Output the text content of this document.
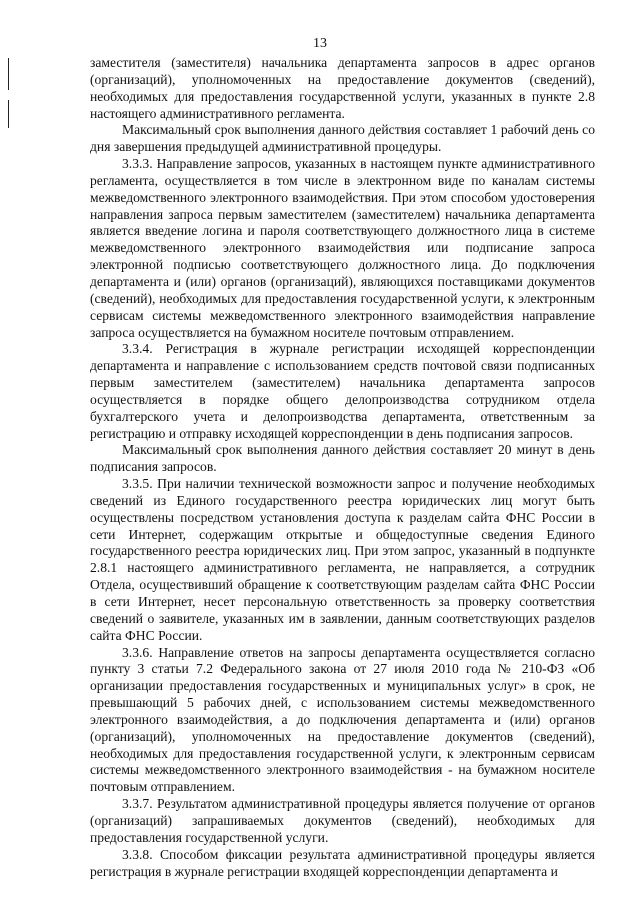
13

заместителя (заместителя) начальника департамента запросов в адрес органов (организаций), уполномоченных на предоставление документов (сведений), необходимых для предоставления государственной услуги, указанных в пункте 2.8 настоящего административного регламента.

Максимальный срок выполнения данного действия составляет 1 рабочий день со дня завершения предыдущей административной процедуры.

3.3.3. Направление запросов, указанных в настоящем пункте административного регламента, осуществляется в том числе в электронном виде по каналам системы межведомственного электронного взаимодействия. При этом способом удостоверения направления запроса первым заместителем (заместителем) начальника департамента является введение логина и пароля соответствующего должностного лица в системе межведомственного электронного взаимодействия или подписание запроса электронной подписью соответствующего должностного лица. До подключения департамента и (или) органов (организаций), являющихся поставщиками документов (сведений), необходимых для предоставления государственной услуги, к электронным сервисам системы межведомственного электронного взаимодействия направление запроса осуществляется на бумажном носителе почтовым отправлением.

3.3.4. Регистрация в журнале регистрации исходящей корреспонденции департамента и направление с использованием средств почтовой связи подписанных первым заместителем (заместителем) начальника департамента запросов осуществляется в порядке общего делопроизводства сотрудником отдела бухгалтерского учета и делопроизводства департамента, ответственным за регистрацию и отправку исходящей корреспонденции в день подписания запросов.

Максимальный срок выполнения данного действия составляет 20 минут в день подписания запросов.

3.3.5. При наличии технической возможности запрос и получение необходимых сведений из Единого государственного реестра юридических лиц могут быть осуществлены посредством установления доступа к разделам сайта ФНС России в сети Интернет, содержащим открытые и общедоступные сведения Единого государственного реестра юридических лиц. При этом запрос, указанный в подпункте 2.8.1 настоящего административного регламента, не направляется, а сотрудник Отдела, осуществивший обращение к соответствующим разделам сайта ФНС России в сети Интернет, несет персональную ответственность за проверку соответствия сведений о заявителе, указанных им в заявлении, данным соответствующих разделов сайта ФНС России.

3.3.6. Направление ответов на запросы департамента осуществляется согласно пункту 3 статьи 7.2 Федерального закона от 27 июля 2010 года № 210-ФЗ «Об организации предоставления государственных и муниципальных услуг» в срок, не превышающий 5 рабочих дней, с использованием системы межведомственного электронного взаимодействия, а до подключения департамента и (или) органов (организаций), уполномоченных на предоставление документов (сведений), необходимых для предоставления государственной услуги, к электронным сервисам системы межведомственного электронного взаимодействия - на бумажном носителе почтовым отправлением.

3.3.7. Результатом административной процедуры является получение от органов (организаций) запрашиваемых документов (сведений), необходимых для предоставления государственной услуги.

3.3.8. Способом фиксации результата административной процедуры является регистрация в журнале регистрации входящей корреспонденции департамента и
